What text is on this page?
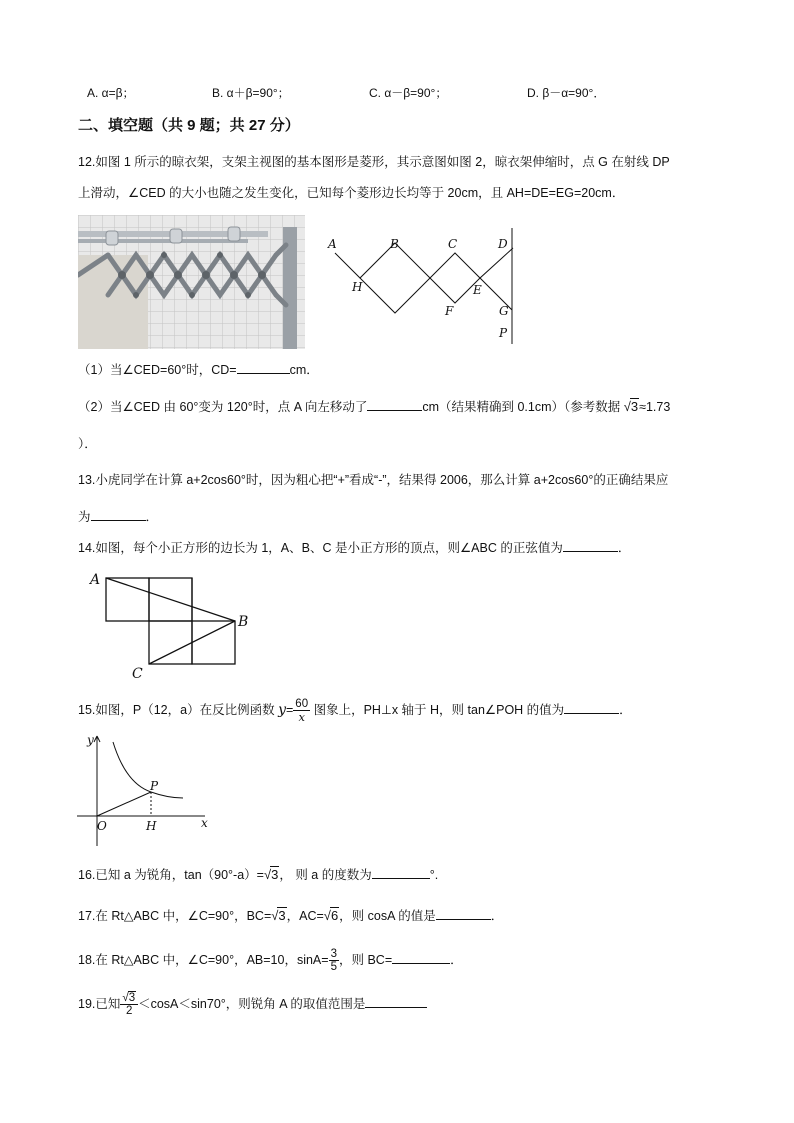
A. α=β；	B. α＋β=90°；	C. α－β=90°；	D. β－α=90°．
二、填空题（共 9 题；共 27 分）
12.如图 1 所示的晾衣架，支架主视图的基本图形是菱形，其示意图如图 2，晾衣架伸缩时，点 G 在射线 DP
上滑动，∠CED 的大小也随之发生变化，已知每个菱形边长均等于 20cm，且 AH=DE=EG=20cm．
A	B	C	D
H	E
F	G
P
（1）当∠CED=60°时，CD=	cm．
（2）当∠CED 由 60°变为 120°时，点 A 向左移动了	cm（结果精确到 0.1cm）（参考数据 √3≈1.73
）．
13.小虎同学在计算 a+2cos60°时，因为粗心把“+”看成“-”，结果得 2006，那么计算 a+2cos60°的正确结果应
为	．
14.如图，每个小正方形的边长为 1，A、B、C 是小正方形的顶点，则∠ABC 的正弦值为	．
A
B
C
15.如图，P（12，a）在反比例函数 $y= \frac{60}{x}$ 图象上，PH⊥x 轴于 H，则 tan∠POH 的值为	．
y
x
O	H
P
16.已知 a 为锐角，tan（90°-a）=√3， 则 a 的度数为	°.
17.在 Rt△ABC 中，∠C=90°，BC=√3，AC=√6，则 cosA 的值是	．
18.在 Rt△ABC 中，∠C=90°，AB=10，$\sin A= \frac{3}{5}$ ，则 BC=	．
19.已知 $\frac{√3}{2} <\cos A<\sin 70^\circ$，则锐角 A 的取值范围是
